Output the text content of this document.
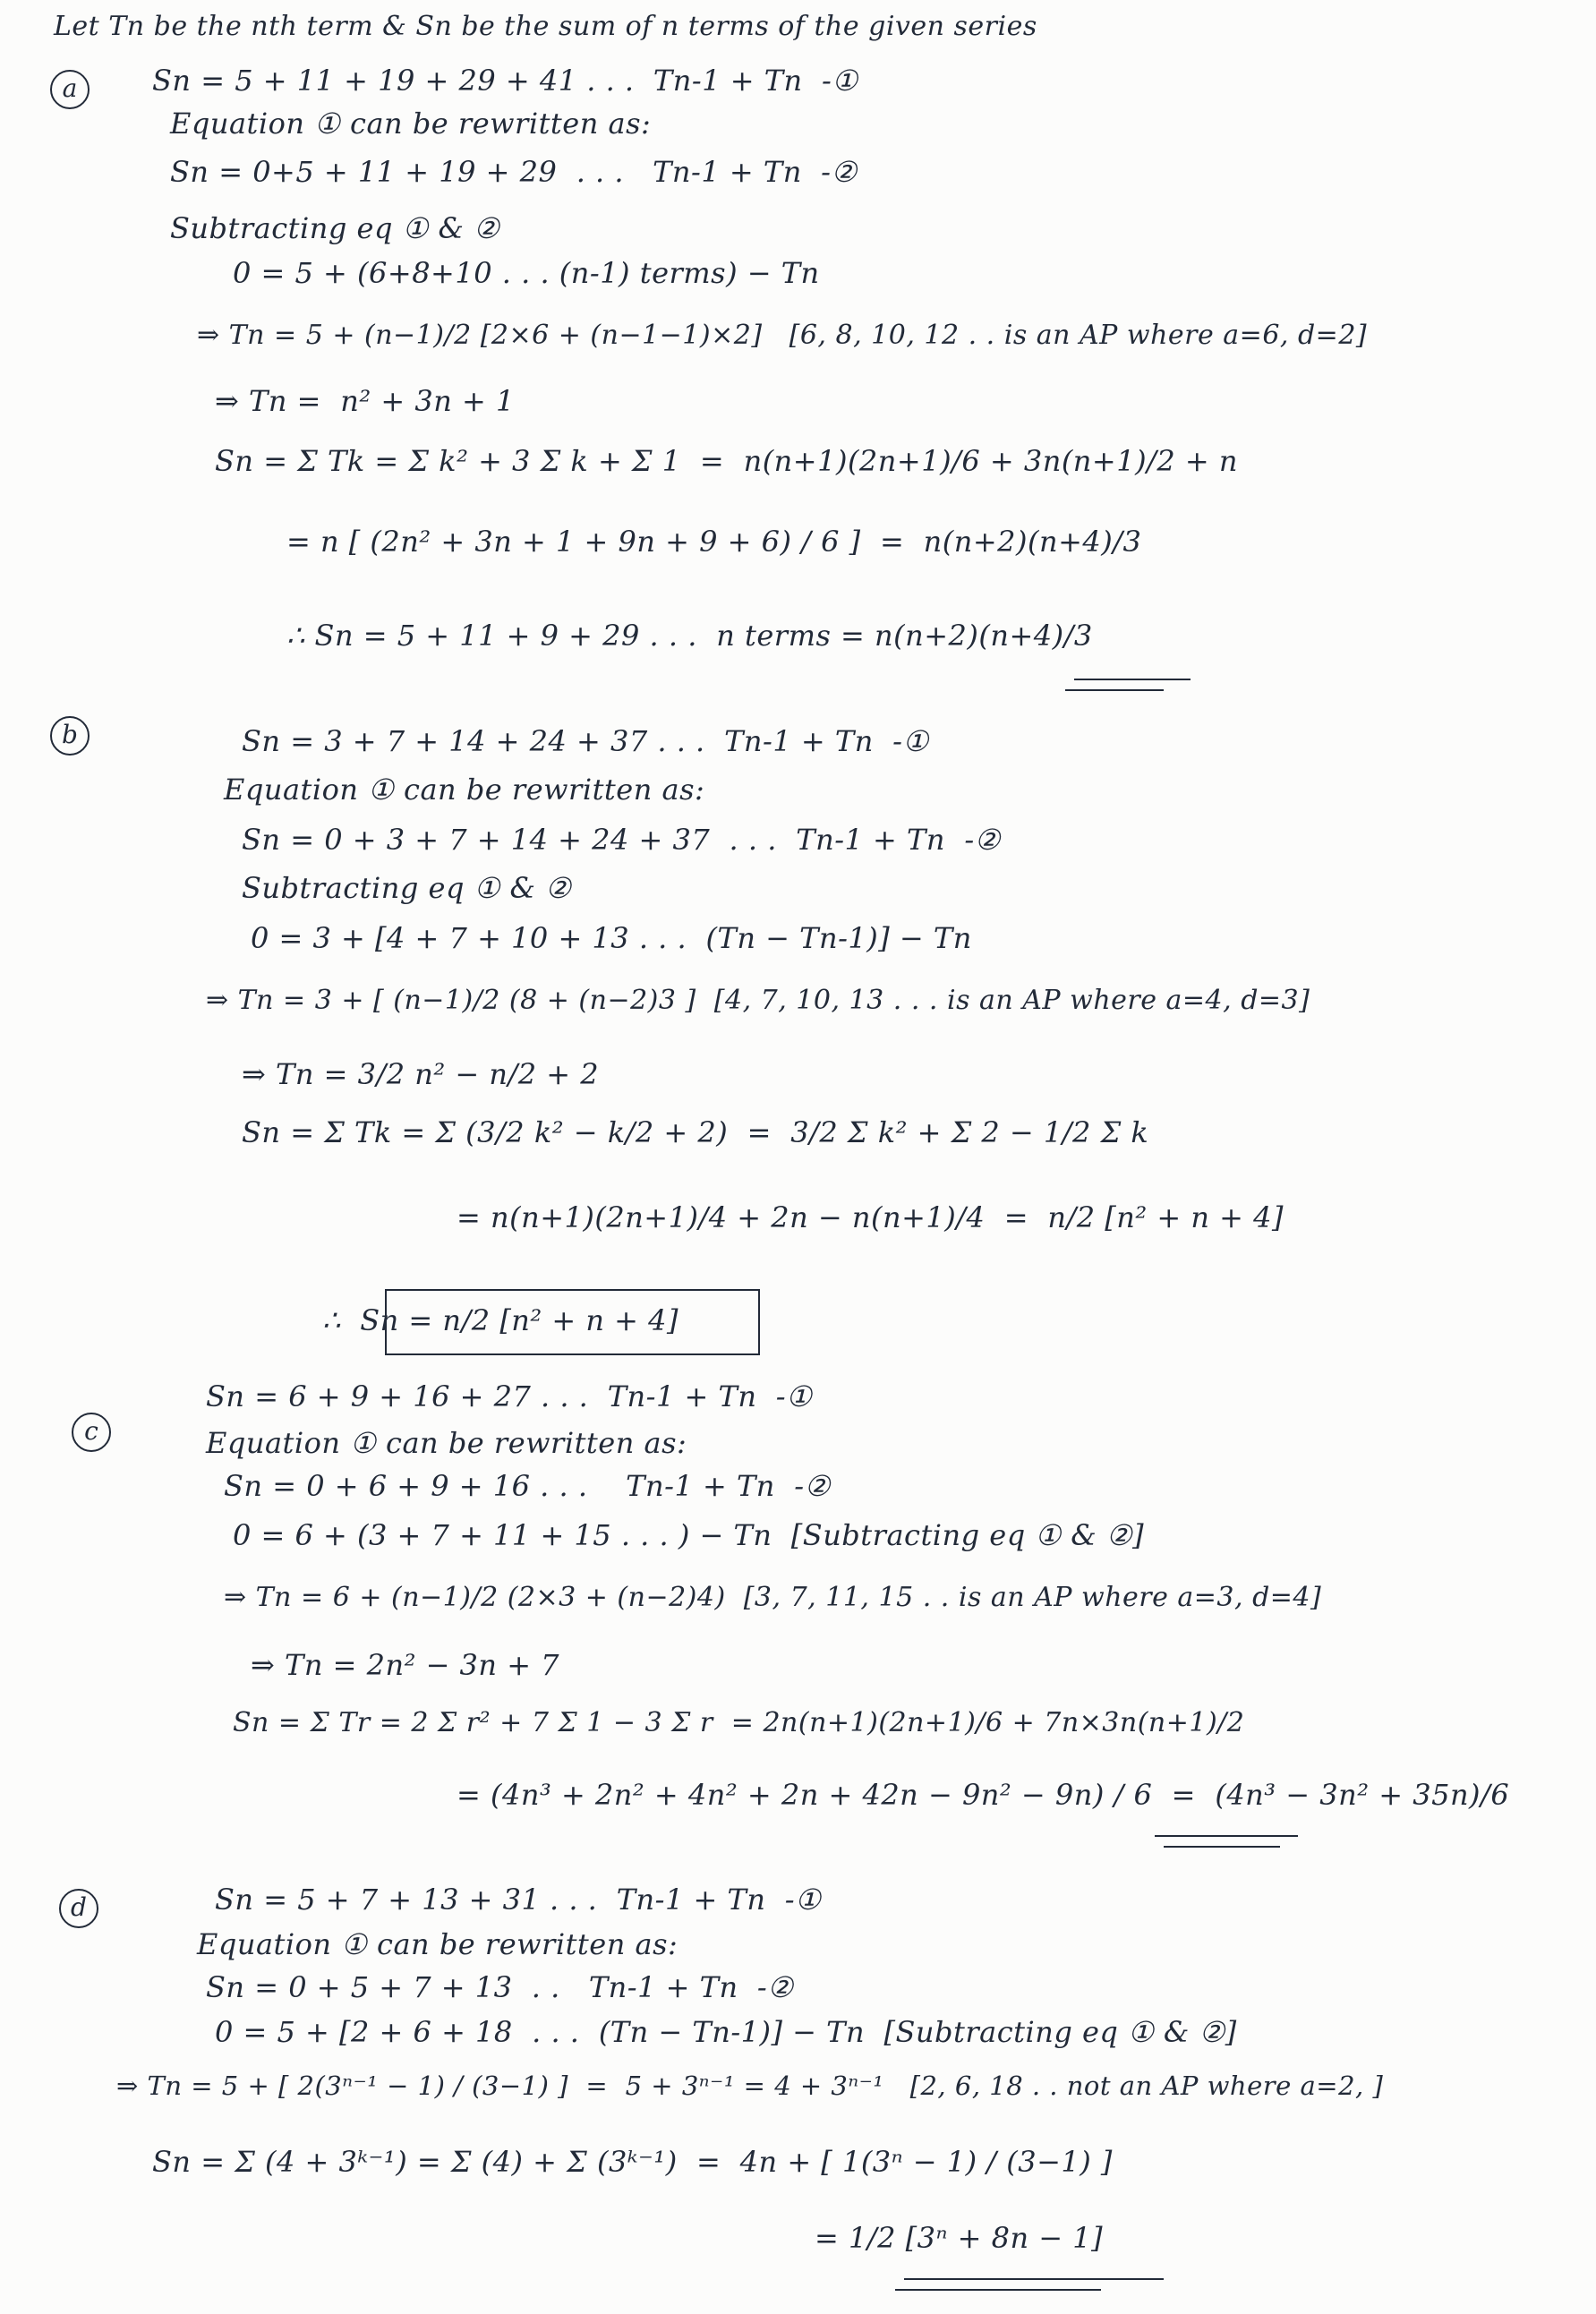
Let Tn be the nth term & Sn be the sum of n terms of the given series
a	Sn = 5 + 11 + 19 + 29 + 41 . . .  Tn-1 + Tn  -①
Equation ① can be rewritten as:
Sn = 0+5 + 11 + 19 + 29  . . .   Tn-1 + Tn  -②
Subtracting eq ① & ②
0 = 5 + (6+8+10 . . . (n-1) terms) − Tn
⇒ Tn = 5 + (n−1)/2 [2×6 + (n−1−1)×2]   [6, 8, 10, 12 . . is an AP where a=6, d=2]
⇒ Tn =  n² + 3n + 1
Sn = Σ Tk = Σ k² + 3 Σ k + Σ 1  =  n(n+1)(2n+1)/6 + 3n(n+1)/2 + n
= n [ (2n² + 3n + 1 + 9n + 9 + 6) / 6 ]  =  n(n+2)(n+4)/3
∴ Sn = 5 + 11 + 9 + 29 . . .  n terms = n(n+2)(n+4)/3
b	Sn = 3 + 7 + 14 + 24 + 37 . . .  Tn-1 + Tn  -①
Equation ① can be rewritten as:
Sn = 0 + 3 + 7 + 14 + 24 + 37  . . .  Tn-1 + Tn  -②
Subtracting eq ① & ②
0 = 3 + [4 + 7 + 10 + 13 . . .  (Tn − Tn-1)] − Tn
⇒ Tn = 3 + [ (n−1)/2 (8 + (n−2)3 ]  [4, 7, 10, 13 . . . is an AP where a=4, d=3]
⇒ Tn = 3/2 n² − n/2 + 2
Sn = Σ Tk = Σ (3/2 k² − k/2 + 2)  =  3/2 Σ k² + Σ 2 − 1/2 Σ k
= n(n+1)(2n+1)/4 + 2n − n(n+1)/4  =  n/2 [n² + n + 4]
∴  Sn = n/2 [n² + n + 4]
c
Sn = 6 + 9 + 16 + 27 . . .  Tn-1 + Tn  -①
Equation ① can be rewritten as:
Sn = 0 + 6 + 9 + 16 . . .    Tn-1 + Tn  -②
0 = 6 + (3 + 7 + 11 + 15 . . . ) − Tn  [Subtracting eq ① & ②]
⇒ Tn = 6 + (n−1)/2 (2×3 + (n−2)4)  [3, 7, 11, 15 . . is an AP where a=3, d=4]
⇒ Tn = 2n² − 3n + 7
Sn = Σ Tr = 2 Σ r² + 7 Σ 1 − 3 Σ r  = 2n(n+1)(2n+1)/6 + 7n×3n(n+1)/2
= (4n³ + 2n² + 4n² + 2n + 42n − 9n² − 9n) / 6  =  (4n³ − 3n² + 35n)/6
d	Sn = 5 + 7 + 13 + 31 . . .  Tn-1 + Tn  -①
Equation ① can be rewritten as:
Sn = 0 + 5 + 7 + 13  . .   Tn-1 + Tn  -②
0 = 5 + [2 + 6 + 18  . . .  (Tn − Tn-1)] − Tn  [Subtracting eq ① & ②]
⇒ Tn = 5 + [ 2(3ⁿ⁻¹ − 1) / (3−1) ]  =  5 + 3ⁿ⁻¹ = 4 + 3ⁿ⁻¹   [2, 6, 18 . . not an AP where a=2, ]
Sn = Σ (4 + 3ᵏ⁻¹) = Σ (4) + Σ (3ᵏ⁻¹)  =  4n + [ 1(3ⁿ − 1) / (3−1) ]
= 1/2 [3ⁿ + 8n − 1]
